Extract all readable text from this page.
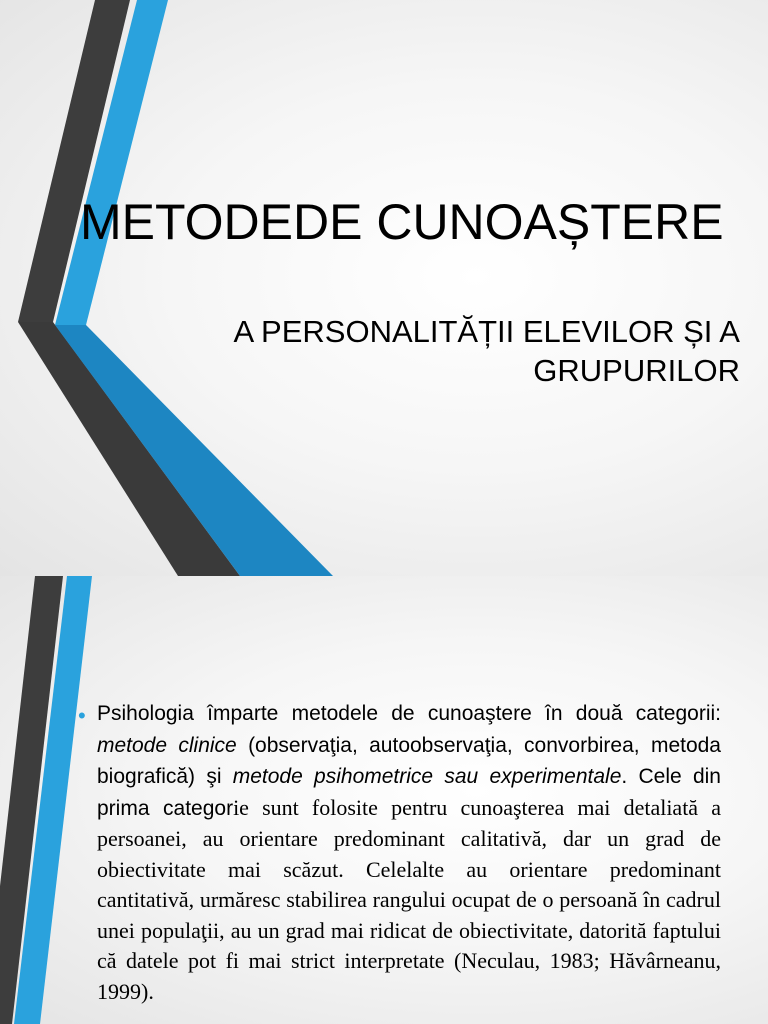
METODEDE CUNOAȘTERE
A PERSONALITĂȚII ELEVILOR ȘI A
GRUPURILOR
• Psihologia împarte metodele de cunoaştere în două categorii: metode clinice (observaţia, autoobservaţia, convorbirea, metoda biografică) şi metode psihometrice sau experimentale. Cele din prima categorie sunt folosite pentru cunoaşterea mai detaliată a persoanei, au orientare predominant calitativă, dar un grad de obiectivitate mai scăzut. Celelalte au orientare predominant cantitativă, urmăresc stabilirea rangului ocupat de o persoană în cadrul unei populaţii, au un grad mai ridicat de obiectivitate, datorită faptului că datele pot fi mai strict interpretate (Neculau, 1983; Hăvârneanu, 1999).
